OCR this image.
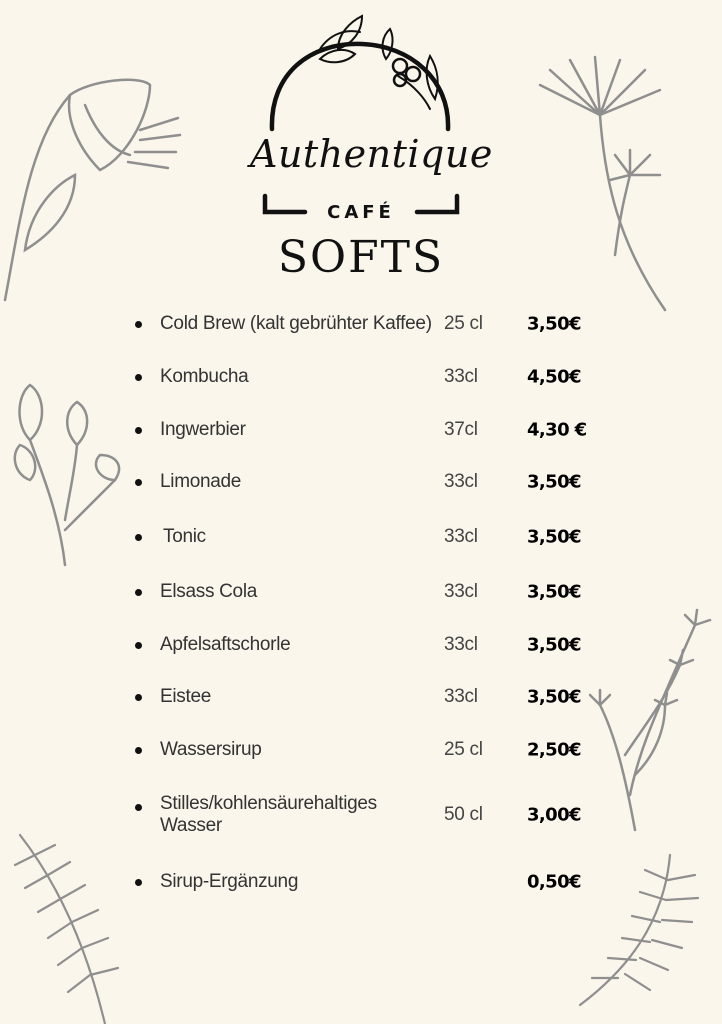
Authentique
CAFÉ
SOFTS
Cold Brew (kalt gebrühter Kaffee) 25 cl 3,50€
Kombucha	33cl	4,50€
Ingwerbier	37cl	4,30 €
Limonade	33cl	3,50€
Tonic	33cl	3,50€
Elsass Cola	33cl	3,50€
Apfelsaftschorle	33cl	3,50€
Eistee	33cl	3,50€
Wassersirup	25 cl 2,50€
Stilles/kohlensäurehaltiges Wasser
50 cl 3,00€
Sirup-Ergänzung	0,50€
